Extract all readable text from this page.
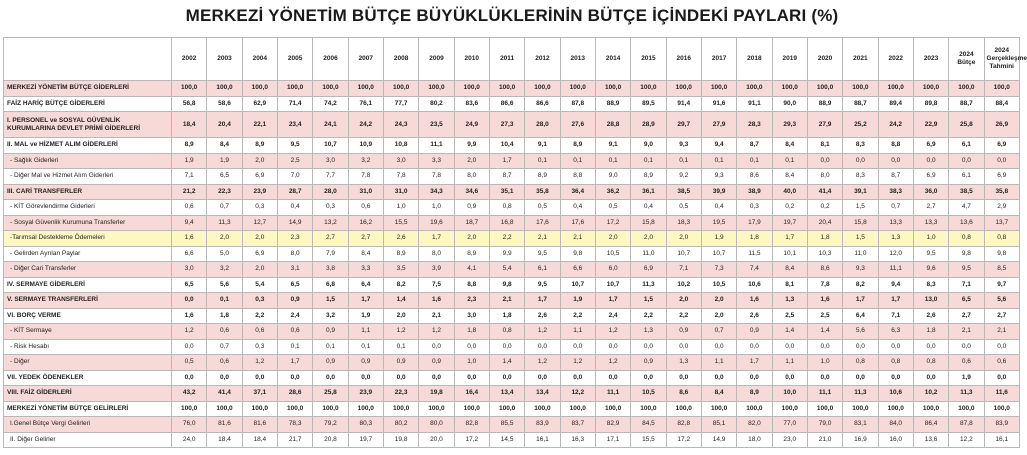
MERKEZİ YÖNETİM BÜTÇE BÜYÜKLÜKLERİNİN BÜTÇE İÇİNDEKİ PAYLARI (%)
	2002	2003	2004	2005	2006	2007	2008	2009	2010	2011	2012	2013	2014	2015	2016	2017	2018	2019	2020	2021	2022	2023	2024 Bütçe	2024 Gerçekleşme Tahmini
MERKEZİ YÖNETİM BÜTÇE GİDERLERİ	100,0	100,0	100,0	100,0	100,0	100,0	100,0	100,0	100,0	100,0	100,0	100,0	100,0	100,0	100,0	100,0	100,0	100,0	100,0	100,0	100,0	100,0	100,0	100,0
FAİZ HARİÇ BÜTÇE GİDERLERİ	56,8	58,6	62,9	71,4	74,2	76,1	77,7	80,2	83,6	86,6	86,6	87,8	88,9	89,5	91,4	91,6	91,1	90,0	88,9	88,7	89,4	89,8	88,7	88,4
I. PERSONEL ve SOSYAL GÜVENLİK KURUMLARINA DEVLET PRİMİ GİDERLERİ	18,4	20,4	22,1	23,4	24,1	24,2	24,3	23,5	24,9	27,3	28,0	27,6	28,8	28,9	29,7	27,9	28,3	29,3	27,9	25,2	24,2	22,9	25,8	26,9
II. MAL ve HİZMET ALIM GİDERLERİ	8,9	8,4	8,9	9,5	10,7	10,9	10,8	11,1	9,9	10,4	9,1	8,9	9,1	9,0	9,3	9,4	8,7	8,4	8,1	8,3	8,8	6,9	6,1	6,9
- Sağlık Giderleri	1,9	1,9	2,0	2,5	3,0	3,2	3,0	3,3	2,0	1,7	0,1	0,1	0,1	0,1	0,1	0,1	0,1	0,1	0,0	0,0	0,0	0,0	0,0	0,0
- Diğer Mal ve Hizmet Alım Giderleri	7,1	6,5	6,9	7,0	7,7	7,8	7,8	7,8	8,0	8,7	8,9	8,8	9,0	8,9	9,2	9,3	8,6	8,4	8,0	8,3	8,7	6,9	6,1	6,9
III. CARİ TRANSFERLER	21,2	22,3	23,9	28,7	28,0	31,0	31,0	34,3	34,6	35,1	35,8	36,4	36,2	36,1	38,5	39,9	38,9	40,0	41,4	39,1	38,3	36,0	38,5	35,8
- KİT Görevlendirme Giderleri	0,6	0,7	0,3	0,4	0,3	0,6	1,0	1,0	0,9	0,8	0,5	0,4	0,5	0,4	0,5	0,4	0,3	0,2	0,2	1,5	0,7	2,7	4,7	2,9
- Sosyal Güvenlik Kurumuna Transferler	9,4	11,3	12,7	14,9	13,2	16,2	15,5	19,6	18,7	16,8	17,6	17,6	17,2	15,8	18,3	19,5	17,9	19,7	20,4	15,8	13,3	13,3	13,6	13,7
-Tarımsal Destekleme Ödemeleri	1,6	2,0	2,0	2,3	2,7	2,7	2,6	1,7	2,0	2,2	2,1	2,1	2,0	2,0	2,0	1,9	1,8	1,7	1,8	1,5	1,3	1,0	0,8	0,8
- Gelirden Ayrılan Paylar	6,6	5,0	6,9	8,0	7,9	8,4	8,9	8,0	8,9	9,9	9,5	9,8	10,5	11,0	10,7	10,7	11,5	10,1	10,3	11,0	12,0	9,5	9,8	9,8
- Diğer Cari Transferler	3,0	3,2	2,0	3,1	3,8	3,3	3,5	3,9	4,1	5,4	6,1	6,6	6,0	6,9	7,1	7,3	7,4	8,4	8,6	9,3	11,1	9,6	9,5	8,5
IV. SERMAYE GİDERLERİ	6,5	5,6	5,4	6,5	6,8	6,4	8,2	7,5	8,8	9,8	9,5	10,7	10,7	11,3	10,2	10,5	10,6	8,1	7,8	8,2	9,4	8,3	7,1	9,7
V. SERMAYE TRANSFERLERİ	0,0	0,1	0,3	0,9	1,5	1,7	1,4	1,6	2,3	2,1	1,7	1,9	1,7	1,5	2,0	2,0	1,6	1,3	1,6	1,7	1,7	13,0	6,5	5,6
VI. BORÇ VERME	1,6	1,8	2,2	2,4	3,2	1,9	2,0	2,1	3,0	1,8	2,6	2,2	2,4	2,2	2,2	2,0	2,6	2,5	2,5	6,4	7,1	2,6	2,7	2,7
- KİT Sermaye	1,2	0,6	0,6	0,6	0,9	1,1	1,2	1,2	1,8	0,8	1,2	1,1	1,2	1,3	0,9	0,7	0,9	1,4	1,4	5,6	6,3	1,8	2,1	2,1
- Risk Hesabı	0,0	0,7	0,3	0,1	0,1	0,1	0,1	0,0	0,0	0,0	0,0	0,0	0,0	0,0	0,0	0,0	0,0	0,0	0,0	0,0	0,0	0,0	0,0	0,0
- Diğer	0,5	0,6	1,2	1,7	0,9	0,9	0,9	0,9	1,0	1,4	1,2	1,2	1,2	0,9	1,3	1,1	1,7	1,1	1,0	0,8	0,8	0,8	0,6	0,6
VII. YEDEK ÖDENEKLER	0,0	0,0	0,0	0,0	0,0	0,0	0,0	0,0	0,0	0,0	0,0	0,0	0,0	0,0	0,0	0,0	0,0	0,0	0,0	0,0	0,0	0,0	1,9	0,0
VIII. FAİZ GİDERLERİ	43,2	41,4	37,1	28,6	25,8	23,9	22,3	19,8	16,4	13,4	13,4	12,2	11,1	10,5	8,6	8,4	8,9	10,0	11,1	11,3	10,6	10,2	11,3	11,6
MERKEZİ YÖNETİM BÜTÇE GELİRLERİ	100,0	100,0	100,0	100,0	100,0	100,0	100,0	100,0	100,0	100,0	100,0	100,0	100,0	100,0	100,0	100,0	100,0	100,0	100,0	100,0	100,0	100,0	100,0	100,0
I.Genel Bütçe Vergi Gelirleri	76,0	81,6	81,6	78,3	79,2	80,3	80,2	80,0	82,8	85,5	83,9	83,7	82,9	84,5	82,8	85,1	82,0	77,0	79,0	83,1	84,0	86,4	87,8	83,9
II. Diğer Gelirler	24,0	18,4	18,4	21,7	20,8	19,7	19,8	20,0	17,2	14,5	16,1	16,3	17,1	15,5	17,2	14,9	18,0	23,0	21,0	16,9	16,0	13,6	12,2	16,1
